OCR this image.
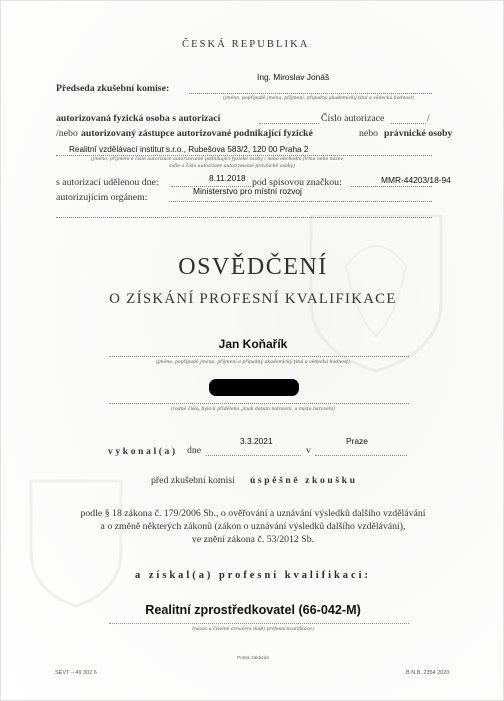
ČESKÁ REPUBLIKA
Ing. Miroslav Jonáš
Předseda zkušební komise:
(jméno, popřípadě jména, příjmení, případný akademický titul a vědecká hodnost)
autorizovaná fyzická osoba s autorizací	Číslo autorizace	/
/nebo autorizovaný zástupce autorizované podnikající fyzické	nebo právnické osoby
Realitní vzdělávací institut s.r.o., Rubešova 583/2, 120 00 Praha 2
(jméno, příjmení a číslo autorizace autorizované podnikající fyzické osoby / nebo obchodní firma nebo název,
sídlo a číslo autorizace autorizované právnické osoby)
s autorizací udělenou dne:	8.11.2018 pod spisovou značkou:	MMR-44203/18-94
autorizujícím orgánem:
Ministerstvo pro místní rozvoj
OSVĚDČENÍ
O ZÍSKÁNÍ PROFESNÍ KVALIFIKACE
Jan Koňařík
(jméno, popřípadě jména, příjmení a případný akademický titul a vědecká hodnost)
(rodné číslo, bylo-li přiděleno, jinak datum narození, a místo narození)
vykonal(a) dne
3.3.2021
v
Praze
před zkušební komisí úspěšně zkoušku
podle § 18 zákona č. 179/2006 Sb., o ověřování a uznávání výsledků dalšího vzdělávání
a o změně některých zákonů (zákon o uznávání výsledků dalšího vzdělávání),
ve znění zákona č. 53/2012 Sb.
a získal(a) profesní kvalifikaci:
Realitní zprostředkovatel (66-042-M)
(název a číselné označení (kód) profesní kvalifikace)
SEVT – 49 302 6
Potisk zakázán
B.N.B. 2354 2020
